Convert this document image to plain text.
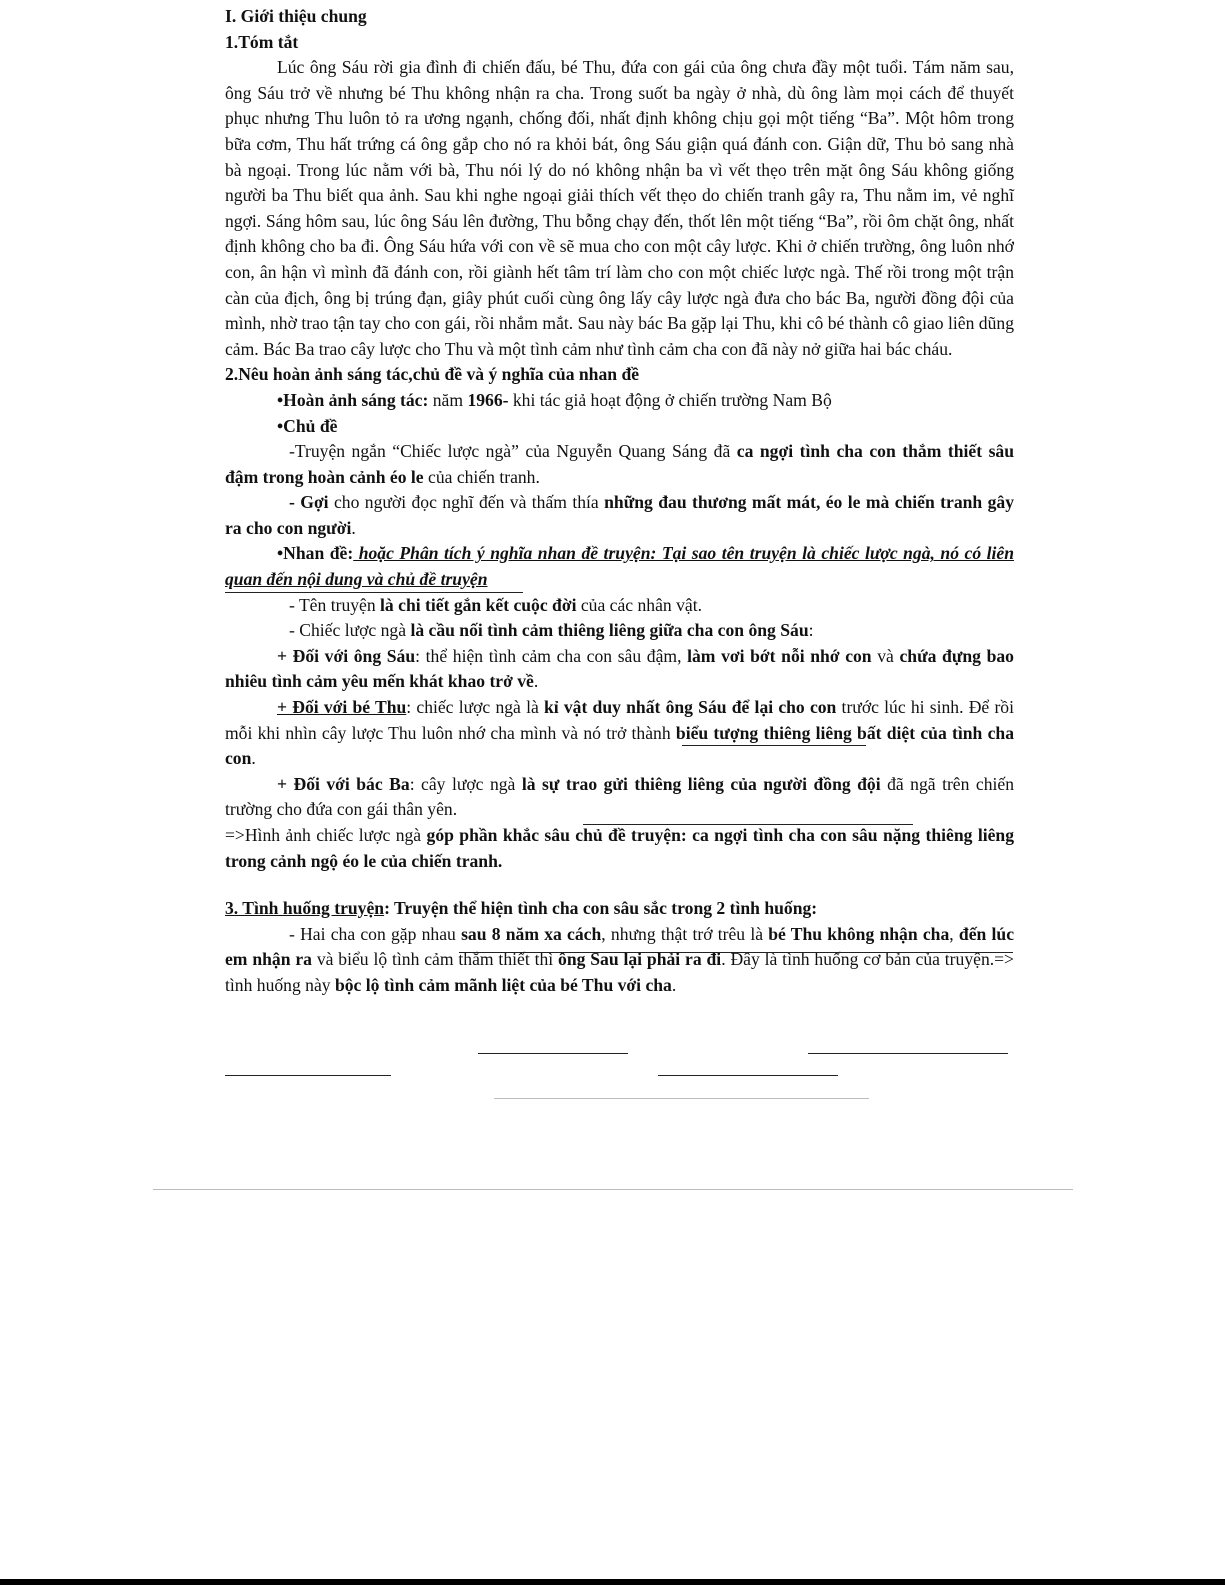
I. Giới thiệu chung

1.Tóm tắt

Lúc ông Sáu rời gia đình đi chiến đấu, bé Thu, đứa con gái của ông chưa đầy một tuổi. Tám năm sau, ông Sáu trở về nhưng bé Thu không nhận ra cha. Trong suốt ba ngày ở nhà, dù ông làm mọi cách để thuyết phục nhưng Thu luôn tỏ ra ương ngạnh, chống đối, nhất định không chịu gọi một tiếng “Ba”. Một hôm trong bữa cơm, Thu hất trứng cá ông gắp cho nó ra khỏi bát, ông Sáu giận quá đánh con. Giận dữ, Thu bỏ sang nhà bà ngoại. Trong lúc nằm với bà, Thu nói lý do nó không nhận ba vì vết thẹo trên mặt ông Sáu không giống người ba Thu biết qua ảnh. Sau khi nghe ngoại giải thích vết thẹo do chiến tranh gây ra, Thu nằm im, vẻ nghĩ ngợi. Sáng hôm sau, lúc ông Sáu lên đường, Thu bỗng chạy đến, thốt lên một tiếng “Ba”, rồi ôm chặt ông, nhất định không cho ba đi. Ông Sáu hứa với con về sẽ mua cho con một cây lược. Khi ở chiến trường, ông luôn nhớ con, ân hận vì mình đã đánh con, rồi giành hết tâm trí làm cho con một chiếc lược ngà. Thế rồi trong một trận càn của địch, ông bị trúng đạn, giây phút cuối cùng ông lấy cây lược ngà đưa cho bác Ba, người đồng đội của mình, nhờ trao tận tay cho con gái, rồi nhắm mắt. Sau này bác Ba gặp lại Thu, khi cô bé thành cô giao liên dũng cảm. Bác Ba trao cây lược cho Thu và một tình cảm như tình cảm cha con đã này nở giữa hai bác cháu.

2.Nêu hoàn ảnh sáng tác,chủ đề và ý nghĩa của nhan đề

•Hoàn ảnh sáng tác: năm 1966- khi tác giả hoạt động ở chiến trường Nam Bộ

•Chủ đề

-Truyện ngắn “Chiếc lược ngà” của Nguyễn Quang Sáng đã ca ngợi tình cha con thắm thiết sâu đậm trong hoàn cảnh éo le của chiến tranh.

- Gợi cho người đọc nghĩ đến và thấm thía những đau thương mất mát, éo le mà chiến tranh gây ra cho con người.

•Nhan đề: hoặc Phân tích ý nghĩa nhan đề truyện: Tại sao tên truyện là chiếc lược ngà, nó có liên quan đến nội dung và chủ đề truyện

- Tên truyện là chi tiết gắn kết cuộc đời của các nhân vật.

- Chiếc lược ngà là cầu nối tình cảm thiêng liêng giữa cha con ông Sáu:

+ Đối với ông Sáu: thể hiện tình cảm cha con sâu đậm, làm vơi bớt nỗi nhớ con và chứa đựng bao nhiêu tình cảm yêu mến khát khao trở về.

+ Đối với bé Thu: chiếc lược ngà là kỉ vật duy nhất ông Sáu để lại cho con trước lúc hi sinh. Để rồi mỗi khi nhìn cây lược Thu luôn nhớ cha mình và nó trở thành biểu tượng thiêng liêng bất diệt của tình cha con.

+ Đối với bác Ba: cây lược ngà là sự trao gửi thiêng liêng của người đồng đội đã ngã trên chiến trường cho đứa con gái thân yên.

=>Hình ảnh chiếc lược ngà góp phần khắc sâu chủ đề truyện: ca ngợi tình cha con sâu nặng thiêng liêng trong cảnh ngộ éo le của chiến tranh.

3. Tình huống truyện: Truyện thể hiện tình cha con sâu sắc trong 2 tình huống:

- Hai cha con gặp nhau sau 8 năm xa cách, nhưng thật trớ trêu là bé Thu không nhận cha, đến lúc em nhận ra và biểu lộ tình cảm thắm thiết thì ông Sau lại phải ra đi. Đây là tình huống cơ bản của truyện.=> tình huống này bộc lộ tình cảm mãnh liệt của bé Thu với cha.
